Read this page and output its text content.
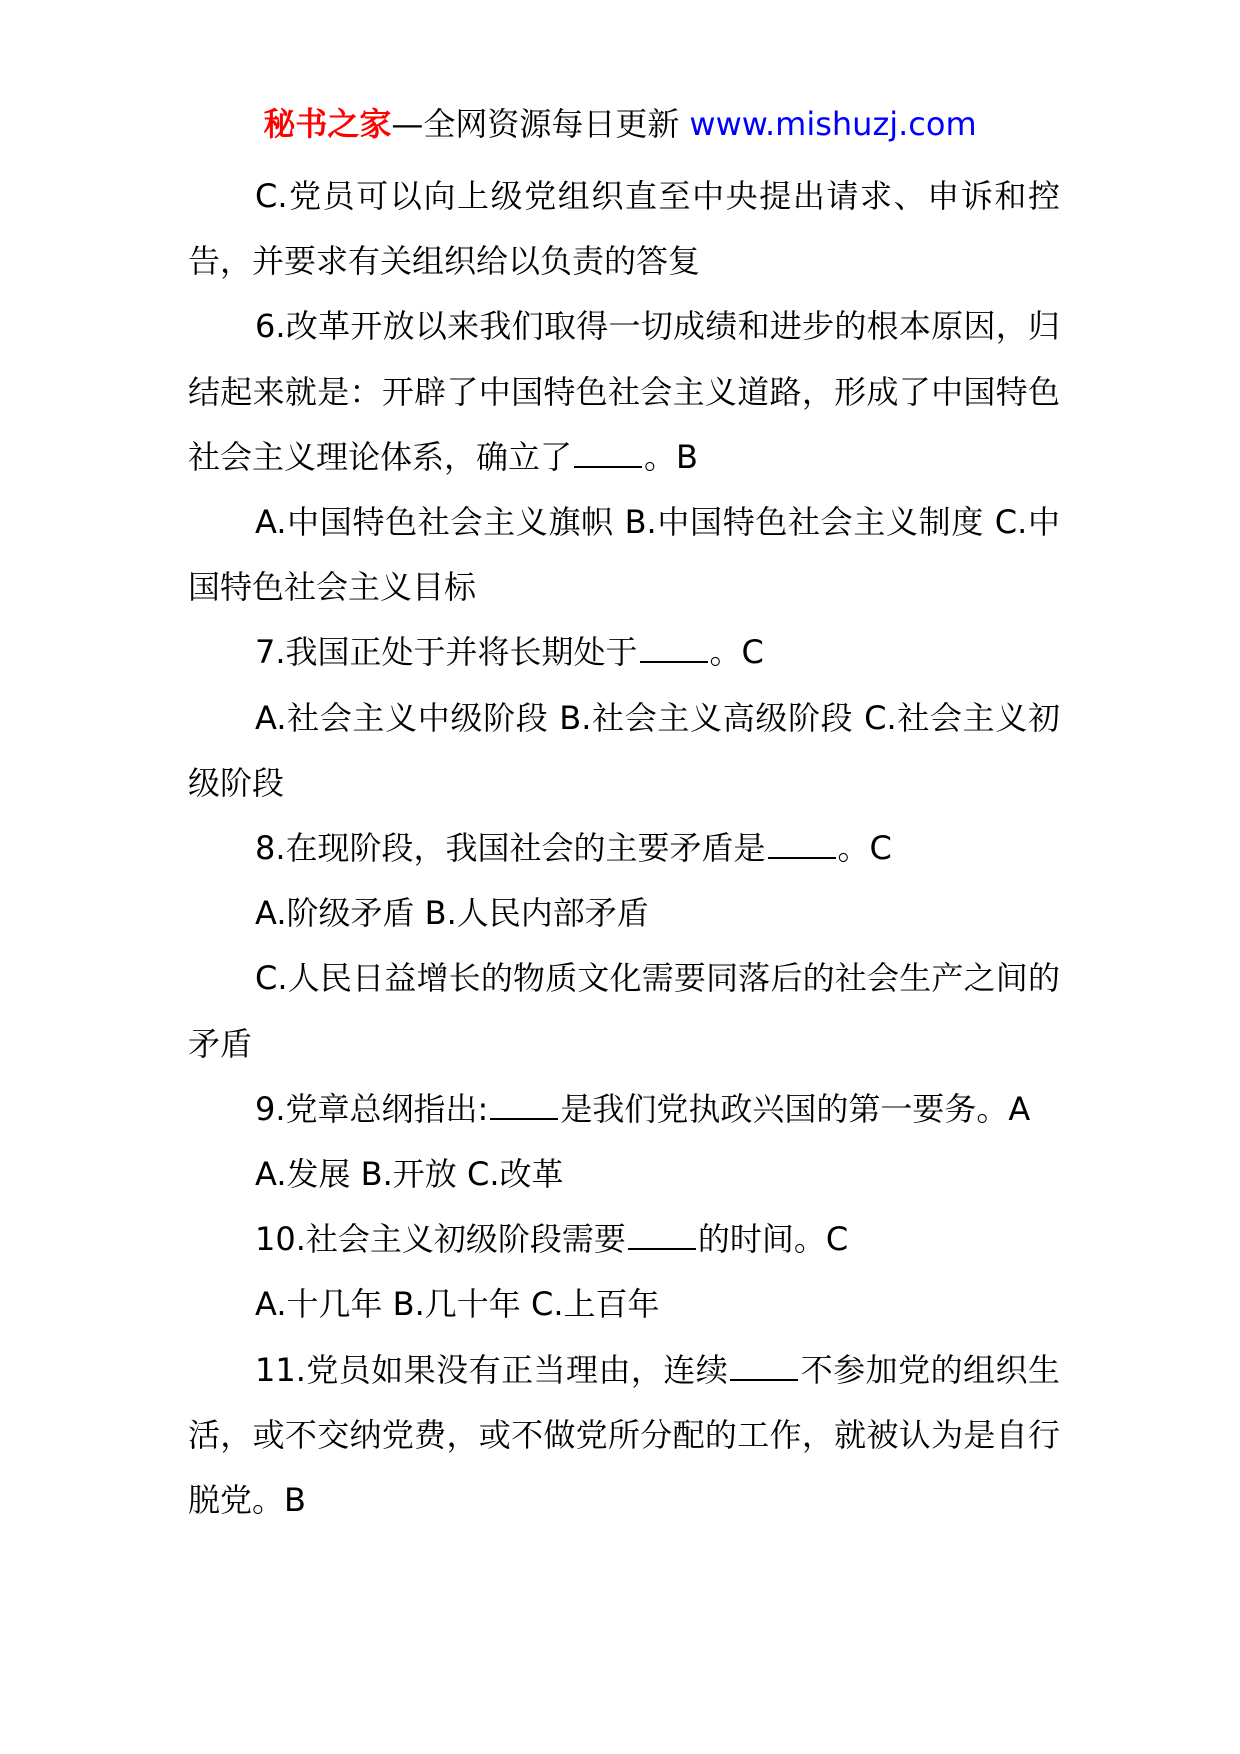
秘书之家—全网资源每日更新 www.mishuzj.com

C.党员可以向上级党组织直至中央提出请求、申诉和控告，并要求有关组织给以负责的答复

6.改革开放以来我们取得一切成绩和进步的根本原因，归结起来就是：开辟了中国特色社会主义道路，形成了中国特色社会主义理论体系，确立了 。B

A.中国特色社会主义旗帜 B.中国特色社会主义制度 C.中国特色社会主义目标

7.我国正处于并将长期处于 。C

A.社会主义中级阶段 B.社会主义高级阶段 C.社会主义初级阶段

8.在现阶段，我国社会的主要矛盾是 。C

A.阶级矛盾 B.人民内部矛盾

C.人民日益增长的物质文化需要同落后的社会生产之间的矛盾

9.党章总纲指出: 是我们党执政兴国的第一要务。A

A.发展 B.开放 C.改革

10.社会主义初级阶段需要 的时间。C

A.十几年 B.几十年 C.上百年

11.党员如果没有正当理由，连续 不参加党的组织生活，或不交纳党费，或不做党所分配的工作，就被认为是自行脱党。B
